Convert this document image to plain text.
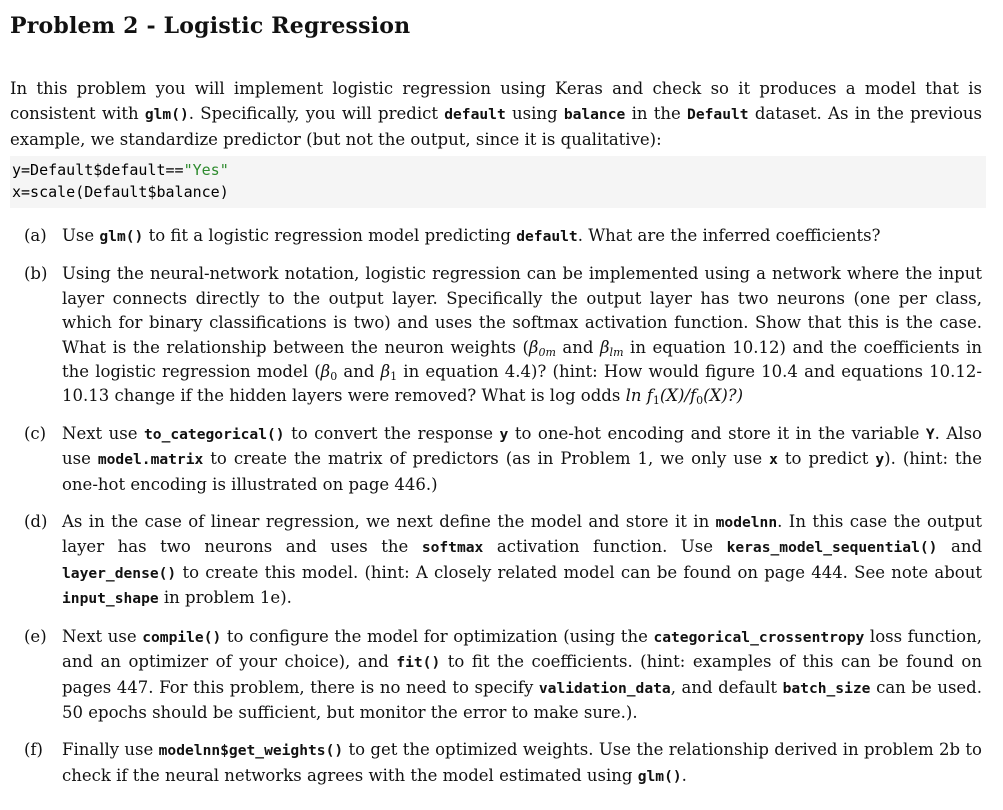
Problem 2 - Logistic Regression

In this problem you will implement logistic regression using Keras and check so it produces a model that is consistent with glm(). Specifically, you will predict default using balance in the Default dataset. As in the previous example, we standardize predictor (but not the output, since it is qualitative):

y=Default$default=="Yes"
x=scale(Default$balance)
(a) Use glm() to fit a logistic regression model predicting default. What are the inferred coefficients?
(b) Using the neural-network notation, logistic regression can be implemented using a network where the input layer connects directly to the output layer. Specifically the output layer has two neurons (one per class, which for binary classifications is two) and uses the softmax activation function. Show that this is the case. What is the relationship between the neuron weights ($\beta_{0m}$ and $\beta_{lm}$ in equation 10.12) and the coefficients in the logistic regression model ($\beta_0$ and $\beta_1$ in equation 4.4)? (hint: How would figure 10.4 and equations 10.12-10.13 change if the hidden layers were removed? What is log odds $\ln f_1(X)/f_0(X)$?)
(c) Next use to_categorical() to convert the response y to one-hot encoding and store it in the variable Y. Also use model.matrix to create the matrix of predictors (as in Problem 1, we only use x to predict y). (hint: the one-hot encoding is illustrated on page 446.)
(d) As in the case of linear regression, we next define the model and store it in modelnn. In this case the output layer has two neurons and uses the softmax activation function. Use keras_model_sequential() and layer_dense() to create this model. (hint: A closely related model can be found on page 444. See note about input_shape in problem 1e).
(e) Next use compile() to configure the model for optimization (using the categorical_crossentropy loss function, and an optimizer of your choice), and fit() to fit the coefficients. (hint: examples of this can be found on pages 447. For this problem, there is no need to specify validation_data, and default batch_size can be used. 50 epochs should be sufficient, but monitor the error to make sure.).
(f) Finally use modelnn$get_weights() to get the optimized weights. Use the relationship derived in problem 2b to check if the neural networks agrees with the model estimated using glm().
